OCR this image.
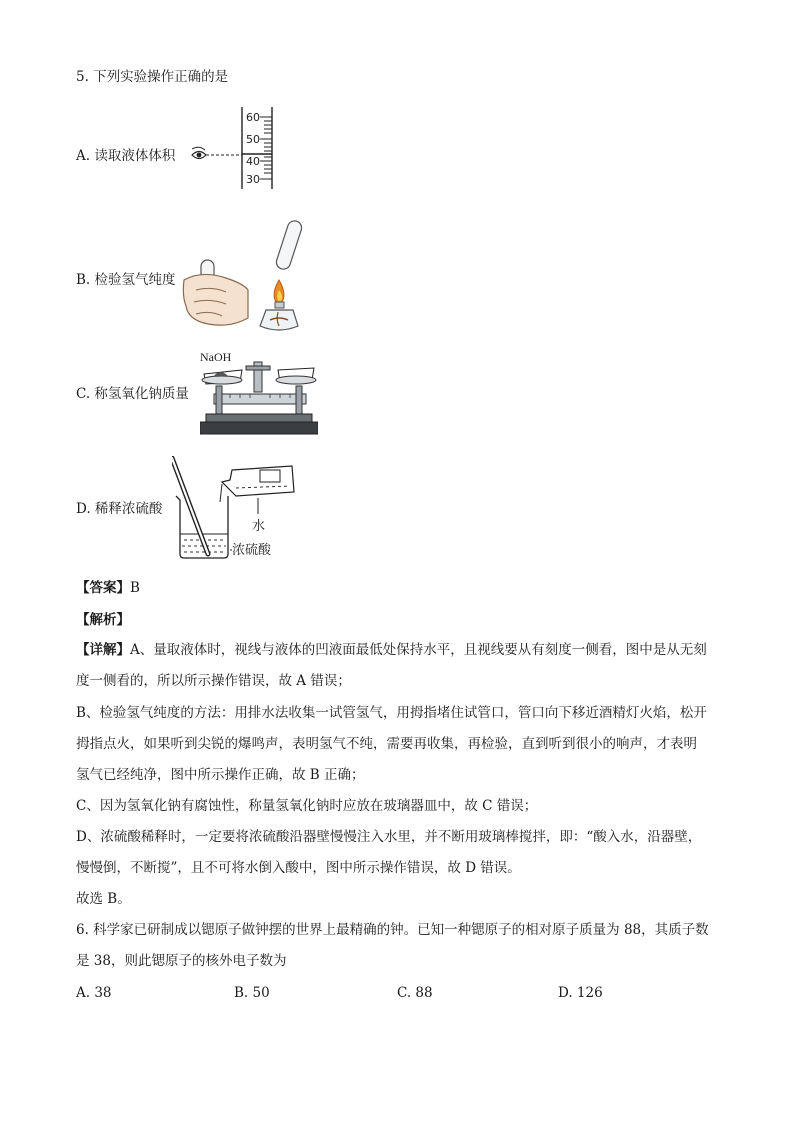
5. 下列实验操作正确的是
A. 读取液体体积
60
50
40
30
B. 检验氢气纯度
C. 称氢氧化钠质量
NaOH
D. 稀释浓硫酸
水
浓硫酸
【答案】B
【解析】
【详解】A、量取液体时，视线与液体的凹液面最低处保持水平，且视线要从有刻度一侧看，图中是从无刻
度一侧看的，所以所示操作错误，故 A 错误；
B、检验氢气纯度的方法：用排水法收集一试管氢气，用拇指堵住试管口，管口向下移近酒精灯火焰，松开
拇指点火，如果听到尖锐的爆鸣声，表明氢气不纯，需要再收集，再检验，直到听到很小的响声，才表明
氢气已经纯净，图中所示操作正确，故 B 正确；
C、因为氢氧化钠有腐蚀性，称量氢氧化钠时应放在玻璃器皿中，故 C 错误；
D、浓硫酸稀释时，一定要将浓硫酸沿器壁慢慢注入水里，并不断用玻璃棒搅拌，即：“酸入水，沿器壁，
慢慢倒，不断搅”，且不可将水倒入酸中，图中所示操作错误，故 D 错误。
故选 B。
6. 科学家已研制成以锶原子做钟摆的世界上最精确的钟。已知一种锶原子的相对原子质量为 88，其质子数
是 38，则此锶原子的核外电子数为
A. 38	B. 50	C. 88	D. 126
